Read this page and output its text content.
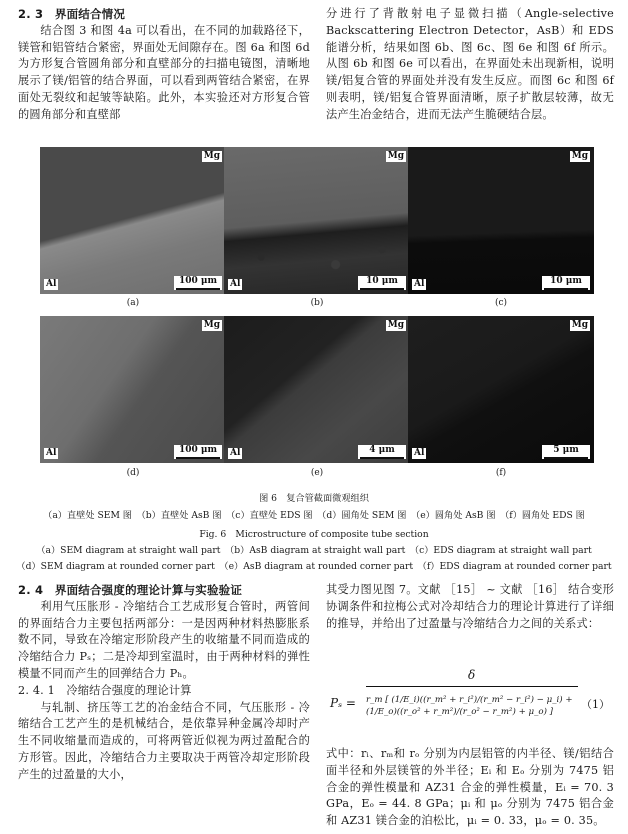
2. 3　界面结合情况

结合图 3 和图 4a 可以看出，在不同的加载路径下，镁管和铝管结合紧密，界面处无间隙存在。图 6a 和图 6d 为方形复合管圆角部分和直壁部分的扫描电镜图，清晰地展示了镁/铝管的结合界面，可以看到两管结合紧密，在界面处无裂纹和起皱等缺陷。此外，本实验还对方形复合管的圆角部分和直壁部

分进行了背散射电子显微扫描（Angle-selective Backscattering Electron Detector，AsB）和 EDS 能谱分析，结果如图 6b、图 6c、图 6e 和图 6f 所示。从图 6b 和图 6e 可以看出，在界面处未出现新相，说明镁/铝复合管的界面处并没有发生反应。而图 6c 和图 6f 则表明，镁/铝复合管界面清晰，原子扩散层较薄，故无法产生冶金结合，进而无法产生脆硬结合层。

Mg
Al	100 μm
Mg
Al	10 μm
Mg
Al	10 μm
(a)	(b)	(c)
Mg
Al	100 μm
Mg
Al	4 μm
Mg
Al	5 μm
(d)	(e)	(f)
图 6　复合管截面微观组织
（a）直壁处 SEM 图　（b）直壁处 AsB 图　（c）直壁处 EDS 图　（d）圆角处 SEM 图　（e）圆角处 AsB 图　（f）圆角处 EDS 图
Fig. 6　Microstructure of composite tube section
（a）SEM diagram at straight wall part　（b）AsB diagram at straight wall part　（c）EDS diagram at straight wall part
（d）SEM diagram at rounded corner part　（e）AsB diagram at rounded corner part　（f）EDS diagram at rounded corner part

2. 4　界面结合强度的理论计算与实验验证

利用气压胀形 - 冷缩结合工艺成形复合管时，两管间的界面结合力主要包括两部分：一是因两种材料热膨胀系数不同，导致在冷缩定形阶段产生的收缩量不同而造成的冷缩结合力 Pₛ；二是冷却到室温时，由于两种材料的弹性模量不同而产生的回弹结合力 Pₕ。

2. 4. 1　冷缩结合强度的理论计算

与轧制、挤压等工艺的冶金结合不同，气压胀形 - 冷缩结合工艺产生的是机械结合，是依靠异种金属冷却时产生不同收缩量而造成的，可将两管近似视为两过盈配合的方形管。因此，冷缩结合力主要取决于两管冷却定形阶段产生的过盈量的大小，

其受力图见图 7。文献 ［15］ ~ 文献 ［16］ 结合变形协调条件和拉梅公式对冷却结合力的理论计算进行了详细的推导，并给出了过盈量与冷缩结合力之间的关系式：

Pₛ =
δ
r_m [ (1/E_i)((r_m² + r_i²)/(r_m² − r_i²) − μ_i) + (1/E_o)((r_o² + r_m²)/(r_o² − r_m²) + μ_o) ]
（1）

式中：rᵢ、rₘ和 rₒ 分别为内层铝管的内半径、镁/铝结合面半径和外层镁管的外半径；Eᵢ 和 Eₒ 分别为 7475 铝合金的弹性模量和 AZ31 合金的弹性模量，Eᵢ = 70. 3 GPa，Eₒ = 44. 8 GPa；μᵢ 和 μₒ 分别为 7475 铝合金和 AZ31 镁合金的泊松比，μᵢ = 0. 33，μₒ = 0. 35。
